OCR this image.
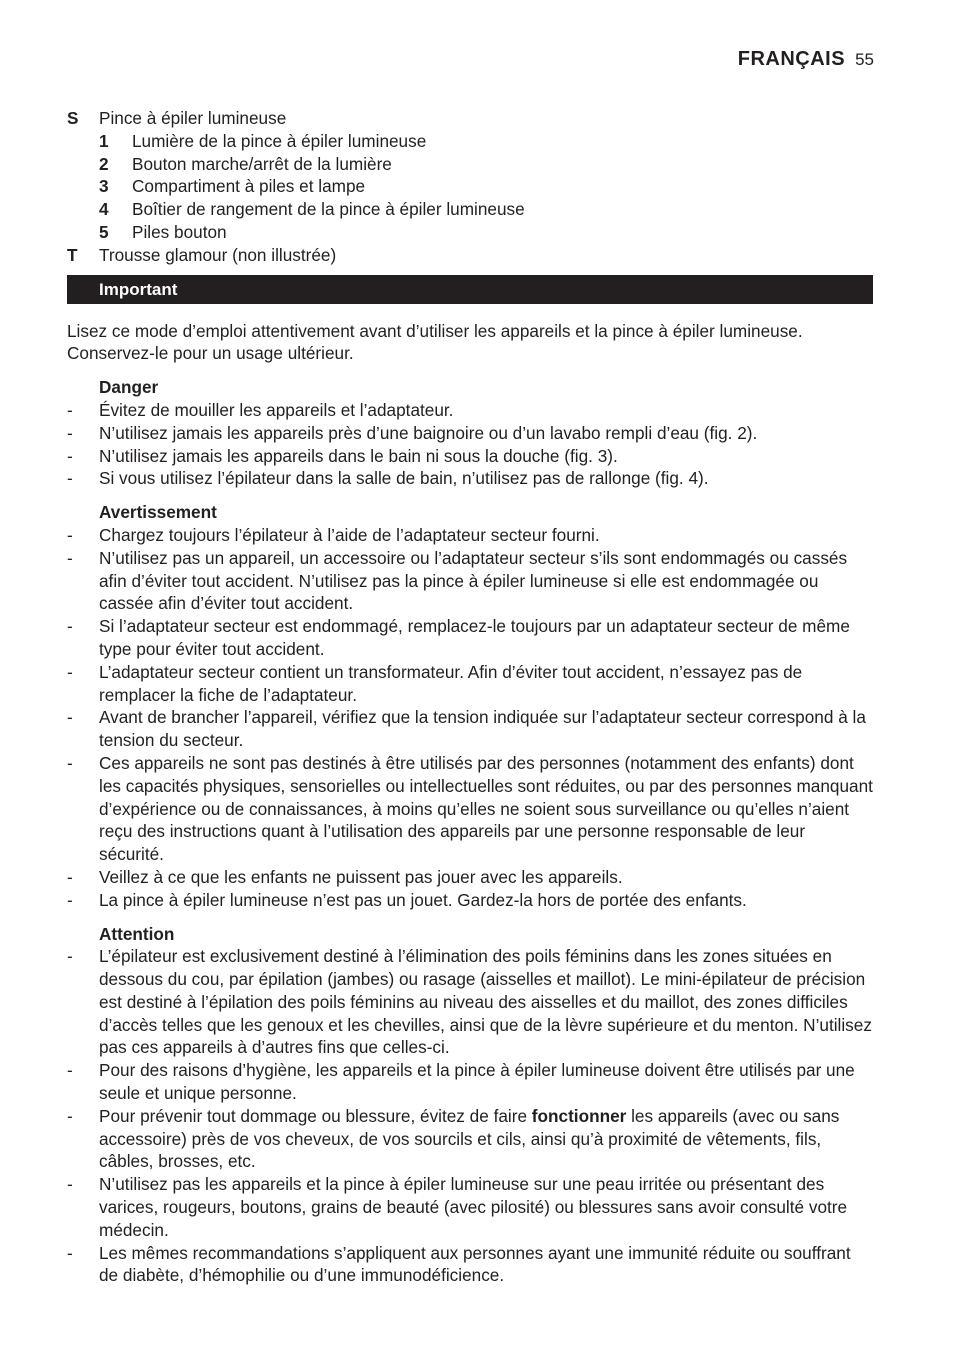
FRANÇAIS 55
S	Pince à épiler lumineuse
1	Lumière de la pince à épiler lumineuse
2	Bouton marche/arrêt de la lumière
3	Compartiment à piles et lampe
4	Boîtier de rangement de la pince à épiler lumineuse
5	Piles bouton
T	Trousse glamour (non illustrée)
Important
Lisez ce mode d’emploi attentivement avant d’utiliser les appareils et la pince à épiler lumineuse. Conservez-le pour un usage ultérieur.
Danger
-	Évitez de mouiller les appareils et l’adaptateur.
-	N’utilisez jamais les appareils près d’une baignoire ou d’un lavabo rempli d’eau (fig. 2).
-	N’utilisez jamais les appareils dans le bain ni sous la douche (fig. 3).
-	Si vous utilisez l’épilateur dans la salle de bain, n’utilisez pas de rallonge (fig. 4).
Avertissement
-	Chargez toujours l’épilateur à l’aide de l’adaptateur secteur fourni.
-	N’utilisez pas un appareil, un accessoire ou l’adaptateur secteur s’ils sont endommagés ou cassés afin d’éviter tout accident. N’utilisez pas la pince à épiler lumineuse si elle est endommagée ou cassée afin d’éviter tout accident.
-	Si l’adaptateur secteur est endommagé, remplacez-le toujours par un adaptateur secteur de même type pour éviter tout accident.
-	L’adaptateur secteur contient un transformateur. Afin d’éviter tout accident, n’essayez pas de remplacer la fiche de l’adaptateur.
-	Avant de brancher l’appareil, vérifiez que la tension indiquée sur l’adaptateur secteur correspond à la tension du secteur.
-	Ces appareils ne sont pas destinés à être utilisés par des personnes (notamment des enfants) dont les capacités physiques, sensorielles ou intellectuelles sont réduites, ou par des personnes manquant d’expérience ou de connaissances, à moins qu’elles ne soient sous surveillance ou qu’elles n’aient reçu des instructions quant à l’utilisation des appareils par une personne responsable de leur sécurité.
-	Veillez à ce que les enfants ne puissent pas jouer avec les appareils.
-	La pince à épiler lumineuse n’est pas un jouet. Gardez-la hors de portée des enfants.
Attention
-	L’épilateur est exclusivement destiné à l’élimination des poils féminins dans les zones situées en dessous du cou, par épilation (jambes) ou rasage (aisselles et maillot). Le mini-épilateur de précision est destiné à l’épilation des poils féminins au niveau des aisselles et du maillot, des zones difficiles d’accès telles que les genoux et les chevilles, ainsi que de la lèvre supérieure et du menton. N’utilisez pas ces appareils à d’autres fins que celles-ci.
-	Pour des raisons d’hygiène, les appareils et la pince à épiler lumineuse doivent être utilisés par une seule et unique personne.
-	Pour prévenir tout dommage ou blessure, évitez de faire fonctionner les appareils (avec ou sans accessoire) près de vos cheveux, de vos sourcils et cils, ainsi qu’à proximité de vêtements, fils, câbles, brosses, etc.
-	N’utilisez pas les appareils et la pince à épiler lumineuse sur une peau irritée ou présentant des varices, rougeurs, boutons, grains de beauté (avec pilosité) ou blessures sans avoir consulté votre médecin.
-	Les mêmes recommandations s’appliquent aux personnes ayant une immunité réduite ou souffrant de diabète, d’hémophilie ou d’une immunodéficience.
